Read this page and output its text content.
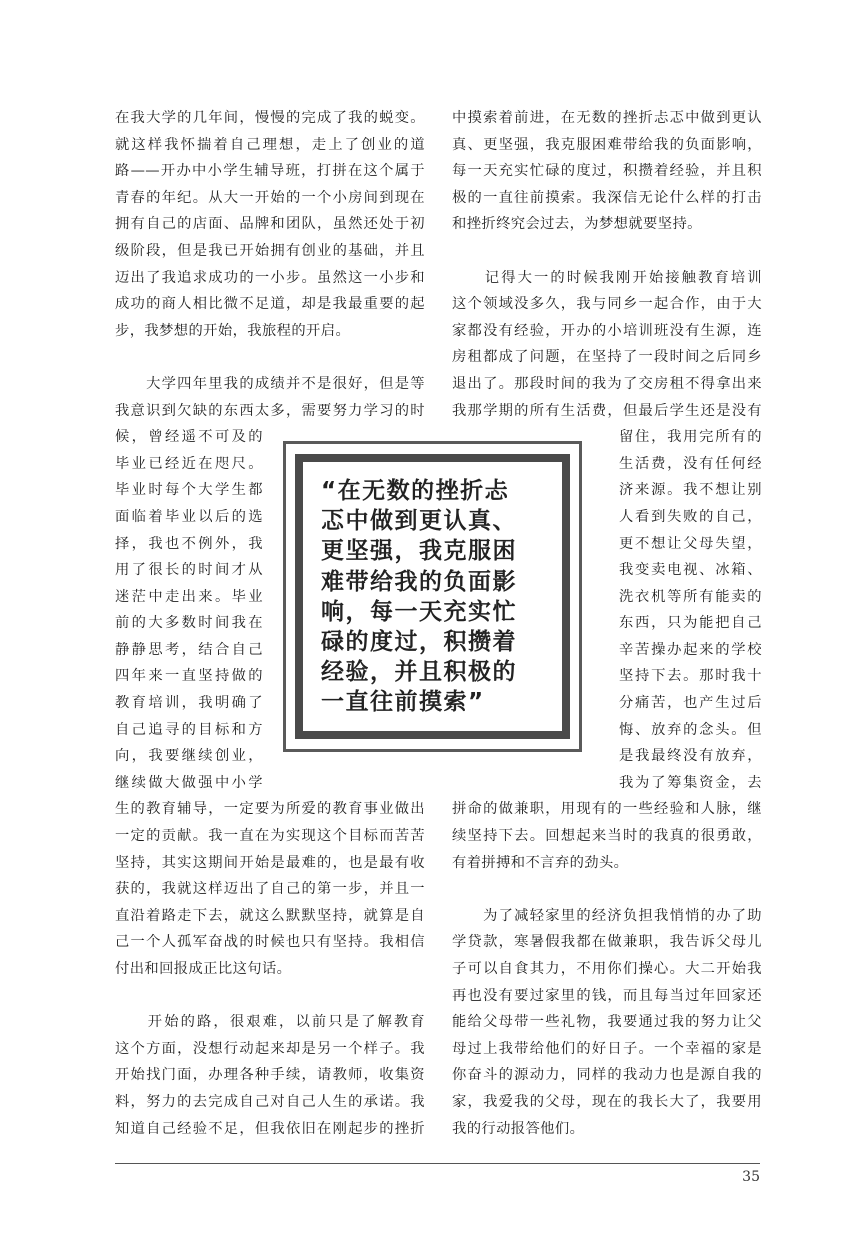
在我大学的几年间，慢慢的完成了我的蜕变。
就这样我怀揣着自己理想，走上了创业的道
路——开办中小学生辅导班，打拼在这个属于
青春的年纪。从大一开始的一个小房间到现在
拥有自己的店面、品牌和团队，虽然还处于初
级阶段，但是我已开始拥有创业的基础，并且
迈出了我追求成功的一小步。虽然这一小步和
成功的商人相比微不足道，却是我最重要的起
步，我梦想的开始，我旅程的开启。
　　大学四年里我的成绩并不是很好，但是等
我意识到欠缺的东西太多，需要努力学习的时
候，曾经遥不可及的
毕业已经近在咫尺。
毕业时每个大学生都
面临着毕业以后的选
择，我也不例外，我
用了很长的时间才从
迷茫中走出来。毕业
前的大多数时间我在
静静思考，结合自己
四年来一直坚持做的
教育培训，我明确了
自己追寻的目标和方
向，我要继续创业，
继续做大做强中小学
生的教育辅导，一定要为所爱的教育事业做出
一定的贡献。我一直在为实现这个目标而苦苦
坚持，其实这期间开始是最难的，也是最有收
获的，我就这样迈出了自己的第一步，并且一
直沿着路走下去，就这么默默坚持，就算是自
己一个人孤军奋战的时候也只有坚持。我相信
付出和回报成正比这句话。
　　开始的路，很艰难，以前只是了解教育
这个方面，没想行动起来却是另一个样子。我
开始找门面，办理各种手续，请教师，收集资
料，努力的去完成自己对自己人生的承诺。我
知道自己经验不足，但我依旧在刚起步的挫折
中摸索着前进，在无数的挫折忐忑中做到更认
真、更坚强，我克服困难带给我的负面影响，
每一天充实忙碌的度过，积攒着经验，并且积
极的一直往前摸索。我深信无论什么样的打击
和挫折终究会过去，为梦想就要坚持。
　　记得大一的时候我刚开始接触教育培训
这个领域没多久，我与同乡一起合作，由于大
家都没有经验，开办的小培训班没有生源，连
房租都成了问题，在坚持了一段时间之后同乡
退出了。那段时间的我为了交房租不得拿出来
我那学期的所有生活费，但最后学生还是没有
留住，我用完所有的
生活费，没有任何经
济来源。我不想让别
人看到失败的自己，
更不想让父母失望，
我变卖电视、冰箱、
洗衣机等所有能卖的
东西，只为能把自己
辛苦操办起来的学校
坚持下去。那时我十
分痛苦，也产生过后
悔、放弃的念头。但
是我最终没有放弃，
我为了筹集资金，去
拼命的做兼职，用现有的一些经验和人脉，继
续坚持下去。回想起来当时的我真的很勇敢，
有着拼搏和不言弃的劲头。
　　为了减轻家里的经济负担我悄悄的办了助
学贷款，寒暑假我都在做兼职，我告诉父母儿
子可以自食其力，不用你们操心。大二开始我
再也没有要过家里的钱，而且每当过年回家还
能给父母带一些礼物，我要通过我的努力让父
母过上我带给他们的好日子。一个幸福的家是
你奋斗的源动力，同样的我动力也是源自我的
家，我爱我的父母，现在的我长大了，我要用
我的行动报答他们。
“在无数的挫折忐
忑中做到更认真、
更坚强，我克服困
难带给我的负面影
响，每一天充实忙
碌的度过，积攒着
经验，并且积极的
一直往前摸索”
35
